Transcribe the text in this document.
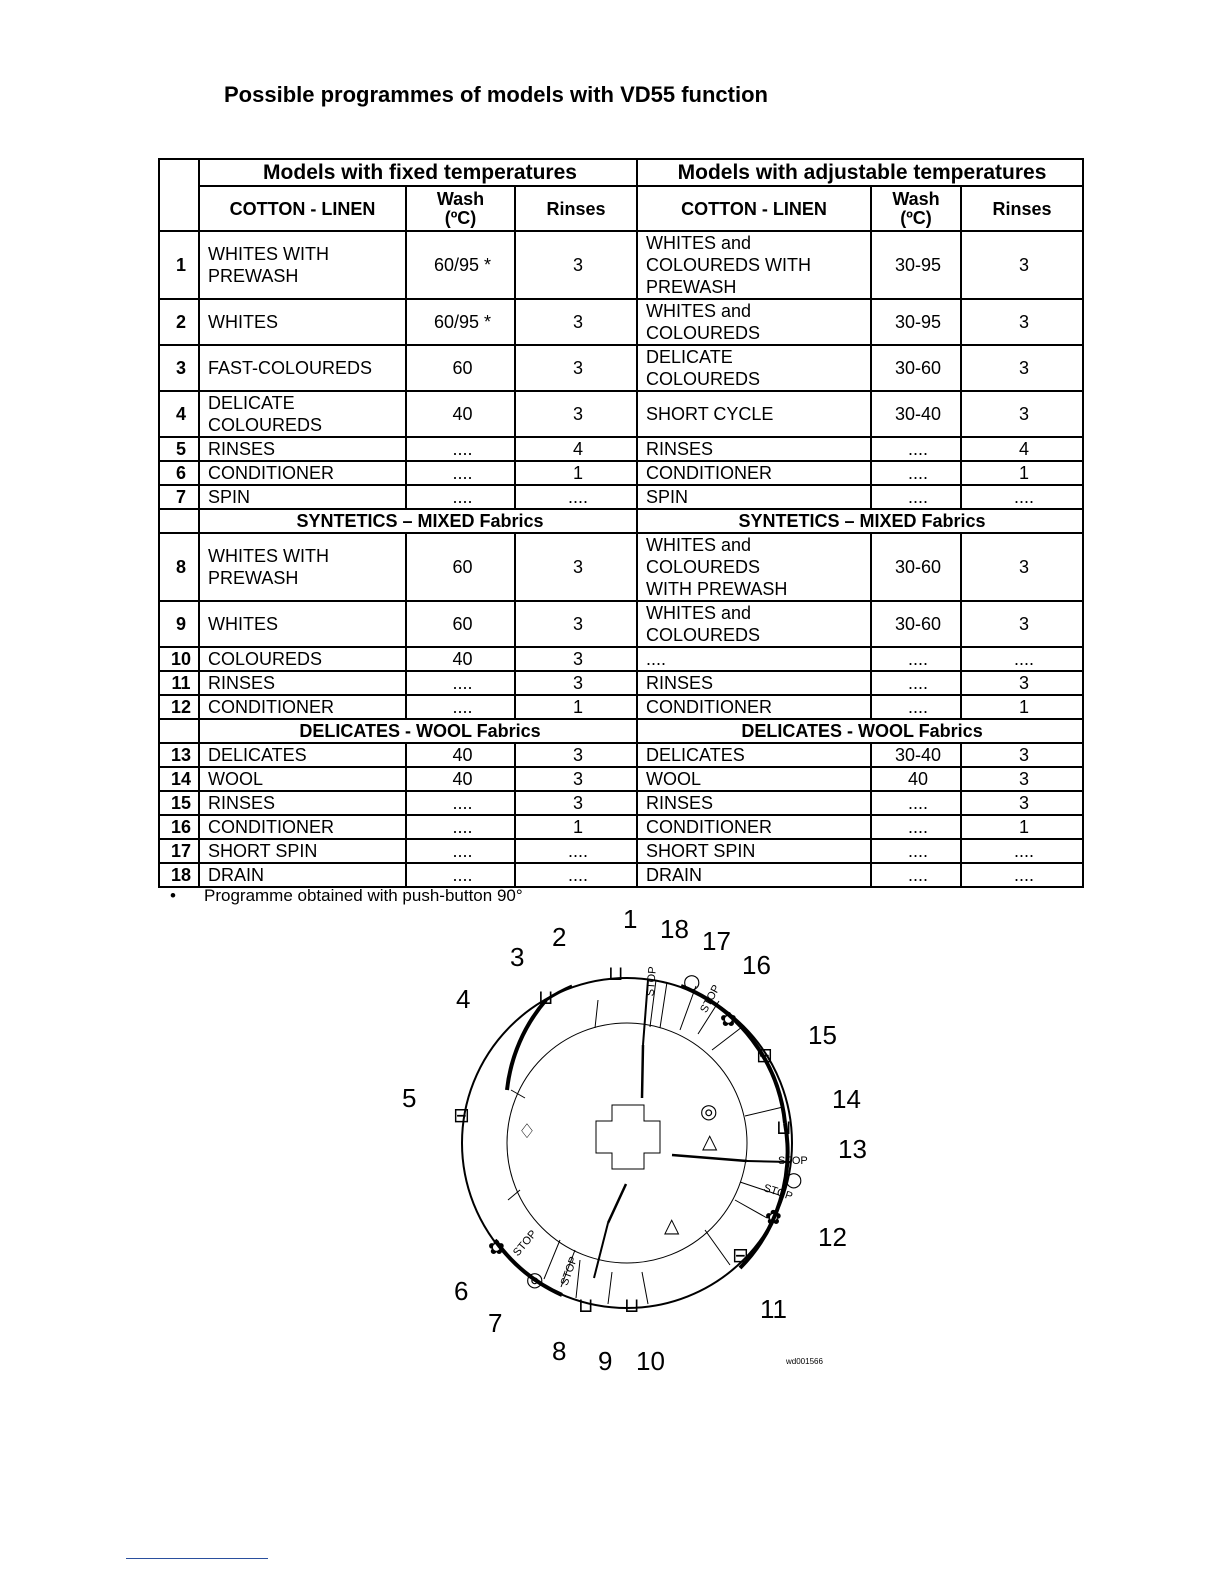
Possible programmes of models with VD55 function
	Models with fixed temperatures			Models with adjustable temperatures		
	COTTON - LINEN	Wash
(ºC)	Rinses	COTTON - LINEN	Wash
(ºC)	Rinses
1	WHITES WITH
PREWASH	60/95 *	3	WHITES and
COLOUREDS WITH
PREWASH	30-95	3
2	WHITES	60/95 *	3	WHITES and
COLOUREDS	30-95	3
3	FAST-COLOUREDS	60	3	DELICATE
COLOUREDS	30-60	3
4	DELICATE
COLOUREDS	40	3	SHORT CYCLE	30-40	3
5	RINSES	....	4	RINSES	....	4
6	CONDITIONER	....	1	CONDITIONER	....	1
7	SPIN	....	....	SPIN	....	....
	SYNTETICS – MIXED Fabrics			SYNTETICS – MIXED Fabrics		
8	WHITES WITH
PREWASH	60	3	WHITES and
COLOUREDS
WITH PREWASH	30-60	3
9	WHITES	60	3	WHITES and
COLOUREDS	30-60	3
10	COLOUREDS	40	3	....	....	....
11	RINSES	....	3	RINSES	....	3
12	CONDITIONER	....	1	CONDITIONER	....	1
	DELICATES - WOOL Fabrics			DELICATES - WOOL Fabrics		
13	DELICATES	40	3	DELICATES	30-40	3
14	WOOL	40	3	WOOL	40	3
15	RINSES	....	3	RINSES	....	3
16	CONDITIONER	....	1	CONDITIONER	....	1
17	SHORT SPIN	....	....	SHORT SPIN	....	....
18	DRAIN	....	....	DRAIN	....	....

• Programme obtained with push-button 90°

1
2
3
4
5
6
7
8 9 10
11
12
13
14
15
16
17
18
STOP
STOP
STOP
STOP
STOP
STOP
⊔
⊔
⊟
♢
○
✿
⊟
⊔
◎
△
○
✿
⊟
△
⊔
⊔
◎
✿
wd001566
